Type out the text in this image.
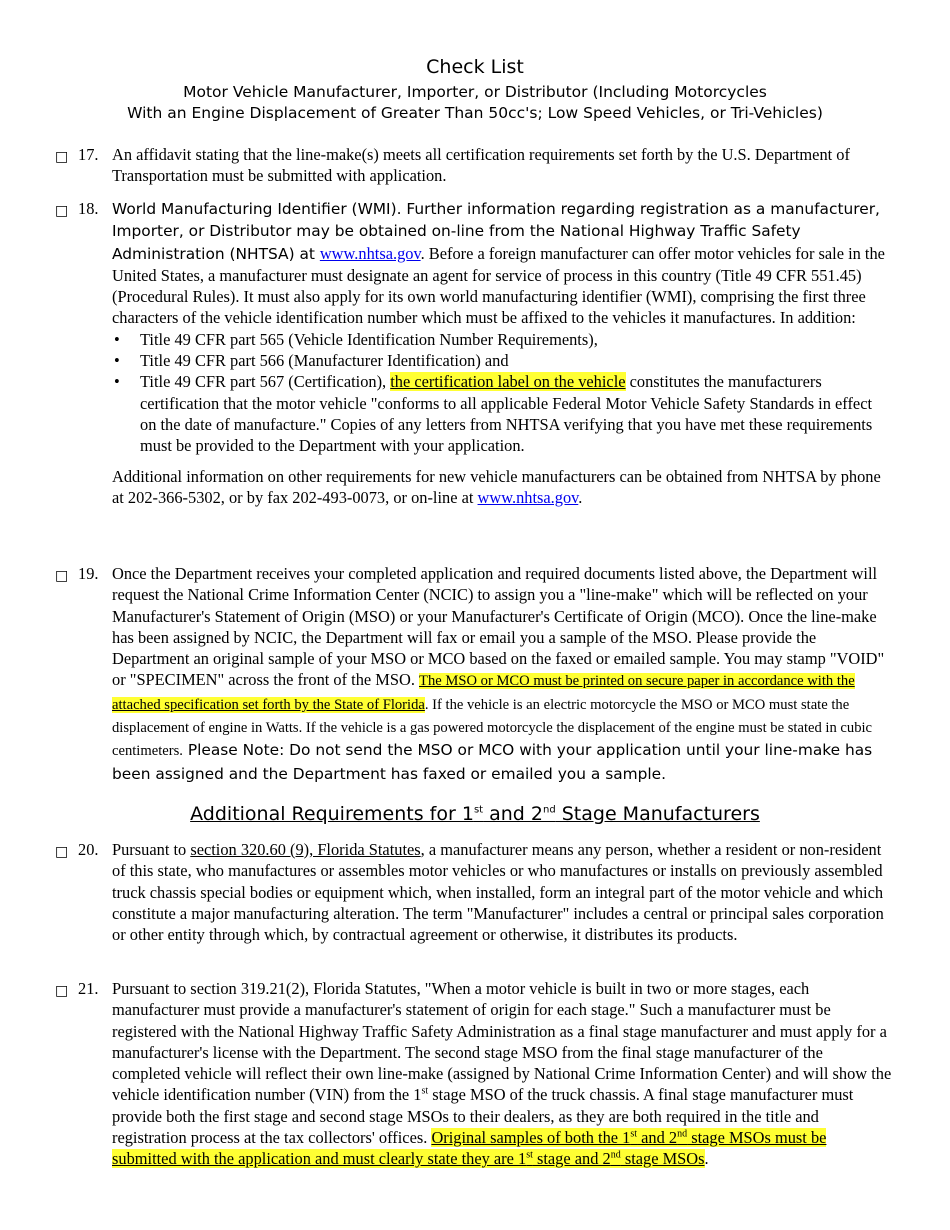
Check List
Motor Vehicle Manufacturer, Importer, or Distributor (Including Motorcycles
With an Engine Displacement of Greater Than 50cc's; Low Speed Vehicles, or Tri-Vehicles)
□ 17. An affidavit stating that the line-make(s) meets all certification requirements set forth by the U.S. Department of Transportation must be submitted with application.
□ 18. World Manufacturing Identifier (WMI). Further information regarding registration as a manufacturer, Importer, or Distributor may be obtained on-line from the National Highway Traffic Safety Administration (NHTSA) at www.nhtsa.gov. Before a foreign manufacturer can offer motor vehicles for sale in the United States, a manufacturer must designate an agent for service of process in this country (Title 49 CFR 551.45) (Procedural Rules). It must also apply for its own world manufacturing identifier (WMI), comprising the first three characters of the vehicle identification number which must be affixed to the vehicles it manufactures. In addition:

• Title 49 CFR part 565 (Vehicle Identification Number Requirements),
• Title 49 CFR part 566 (Manufacturer Identification) and
• Title 49 CFR part 567 (Certification), the certification label on the vehicle constitutes the manufacturers certification that the motor vehicle "conforms to all applicable Federal Motor Vehicle Safety Standards in effect on the date of manufacture." Copies of any letters from NHTSA verifying that you have met these requirements must be provided to the Department with your application.

Additional information on other requirements for new vehicle manufacturers can be obtained from NHTSA by phone at 202-366-5302, or by fax 202-493-0073, or on-line at www.nhtsa.gov.

□ 19. Once the Department receives your completed application and required documents listed above, the Department will request the National Crime Information Center (NCIC) to assign you a "line-make" which will be reflected on your Manufacturer's Statement of Origin (MSO) or your Manufacturer's Certificate of Origin (MCO). Once the line-make has been assigned by NCIC, the Department will fax or email you a sample of the MSO. Please provide the Department an original sample of your MSO or MCO based on the faxed or emailed sample. You may stamp "VOID" or "SPECIMEN" across the front of the MSO. The MSO or MCO must be printed on secure paper in accordance with the attached specification set forth by the State of Florida. If the vehicle is an electric motorcycle the MSO or MCO must state the displacement of engine in Watts. If the vehicle is a gas powered motorcycle the displacement of the engine must be stated in cubic centimeters. Please Note: Do not send the MSO or MCO with your application until your line-make has been assigned and the Department has faxed or emailed you a sample.
Additional Requirements for 1st and 2nd Stage Manufacturers
□ 20. Pursuant to section 320.60 (9), Florida Statutes, a manufacturer means any person, whether a resident or non-resident of this state, who manufactures or assembles motor vehicles or who manufactures or installs on previously assembled truck chassis special bodies or equipment which, when installed, form an integral part of the motor vehicle and which constitute a major manufacturing alteration. The term "Manufacturer" includes a central or principal sales corporation or other entity through which, by contractual agreement or otherwise, it distributes its products.
□ 21. Pursuant to section 319.21(2), Florida Statutes, "When a motor vehicle is built in two or more stages, each manufacturer must provide a manufacturer's statement of origin for each stage." Such a manufacturer must be registered with the National Highway Traffic Safety Administration as a final stage manufacturer and must apply for a manufacturer's license with the Department. The second stage MSO from the final stage manufacturer of the completed vehicle will reflect their own line-make (assigned by National Crime Information Center) and will show the vehicle identification number (VIN) from the 1st stage MSO of the truck chassis. A final stage manufacturer must provide both the first stage and second stage MSOs to their dealers, as they are both required in the title and registration process at the tax collectors' offices. Original samples of both the 1st and 2nd stage MSOs must be submitted with the application and must clearly state they are 1st stage and 2nd stage MSOs.
